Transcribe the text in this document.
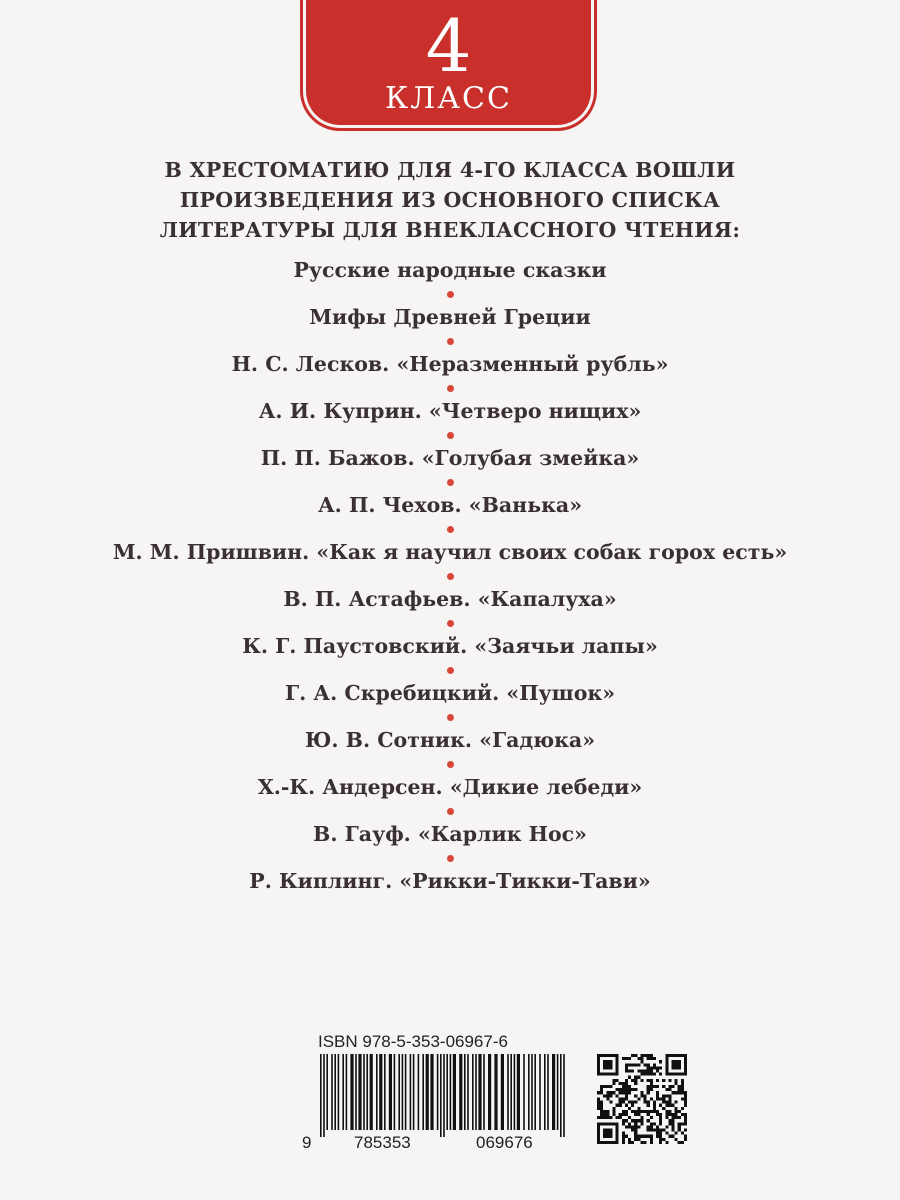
4
КЛАСС
В ХРЕСТОМАТИЮ ДЛЯ 4-ГО КЛАССА ВОШЛИ
ПРОИЗВЕДЕНИЯ ИЗ ОСНОВНОГО СПИСКА
ЛИТЕРАТУРЫ ДЛЯ ВНЕКЛАССНОГО ЧТЕНИЯ:
Русские народные сказки
Мифы Древней Греции
Н. С. Лесков. «Неразменный рубль»
А. И. Куприн. «Четверо нищих»
П. П. Бажов. «Голубая змейка»
А. П. Чехов. «Ванька»
М. М. Пришвин. «Как я научил своих собак горох есть»
В. П. Астафьев. «Капалуха»
К. Г. Паустовский. «Заячьи лапы»
Г. А. Скребицкий. «Пушок»
Ю. В. Сотник. «Гадюка»
Х.-К. Андерсен. «Дикие лебеди»
В. Гауф. «Карлик Нос»
Р. Киплинг. «Рикки-Тикки-Тави»
ISBN 978-5-353-06967-6
9	785353	069676
